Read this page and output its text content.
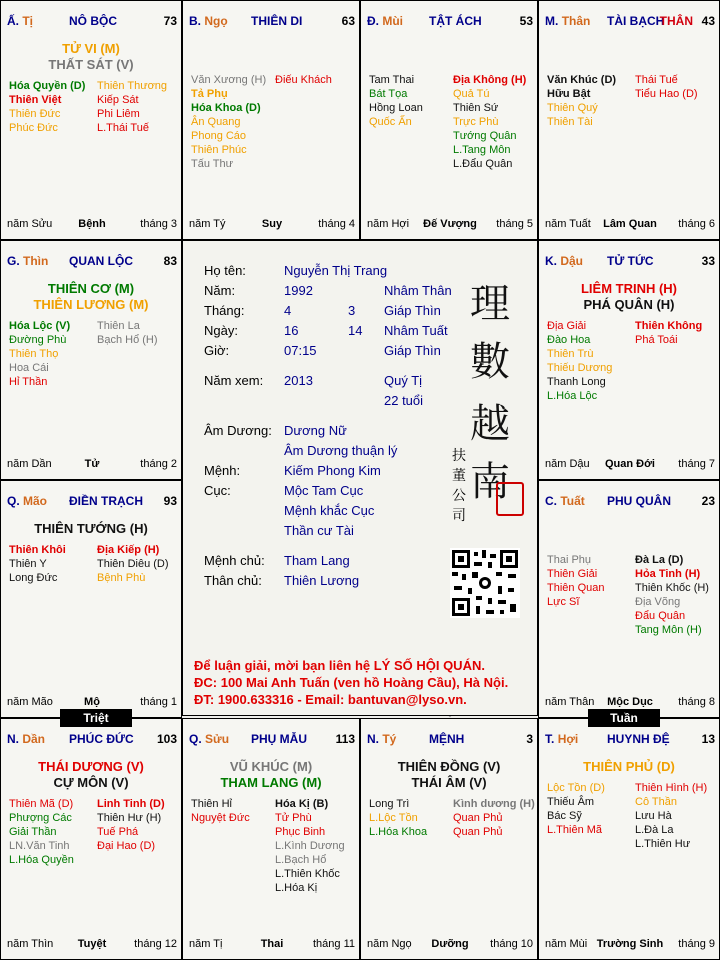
Ấ. Tị	NÔ BỘC	73
TỬ VI (M)
THẤT SÁT (V)
Hóa Quyền (D)
Thiên Việt
Thiên Đức
Phúc Đức
Thiên Thương
Kiếp Sát
Phi Liêm
L.Thái Tuế
năm Sửu	Bệnh	tháng 3
B. Ngọ THIÊN DI	63
Văn Xương (H)
Tả Phụ
Hóa Khoa (D)
Ân Quang
Phong Cáo
Thiên Phúc
Tấu Thư
Điếu Khách
năm Tý	Suy	tháng 4
Đ. Mùi TẬT ÁCH	53
Tam Thai
Bát Tọa
Hồng Loan
Quốc Ấn
Địa Không (H)
Quả Tú
Thiên Sứ
Trực Phù
Tướng Quân
L.Tang Môn
L.Đẩu Quân
năm Hợi	Đế Vượng	tháng 5
M. Thân TÀI BẠCH
THÂN 43
Văn Khúc (D)
Hữu Bật
Thiên Quý
Thiên Tài
Thái Tuế
Tiểu Hao (D)
năm Tuất	Lâm Quan	tháng 6
G. Thìn QUAN LỘC	83
THIÊN CƠ (M)
THIÊN LƯƠNG (M)
Hóa Lộc (V)
Đường Phù
Thiên Thọ
Hoa Cái
Hỉ Thần
Thiên La
Bạch Hổ (H)
năm Dần	Tử	tháng 2
K. Dậu TỬ TỨC	33
LIÊM TRINH (H)
PHÁ QUÂN (H)
Địa Giải
Đào Hoa
Thiên Trù
Thiếu Dương
Thanh Long
L.Hóa Lộc
Thiên Không
Phá Toái
năm Dậu	Quan Đới	tháng 7
Q. Mão ĐIỀN TRẠCH 93
THIÊN TƯỚNG (H)
Thiên Khôi
Thiên Y
Long Đức
Địa Kiếp (H)
Thiên Diêu (D)
Bệnh Phù
năm Mão	Mộ	tháng 1
C. Tuất PHU QUÂN	23
Thai Phụ
Thiên Giải
Thiên Quan
Lực Sĩ
Đà La (D)
Hỏa Tinh (H)
Thiên Khốc (H)
Địa Võng
Đẩu Quân
Tang Môn (H)
năm Thân	Mộc Dục	tháng 8
N. Dần PHÚC ĐỨC 103
THÁI DƯƠNG (V)
CỰ MÔN (V)
Thiên Mã (D)
Phượng Các
Giải Thần
LN.Văn Tinh
L.Hóa Quyền
Linh Tinh (D)
Thiên Hư (H)
Tuế Phá
Đại Hao (D)
năm Thìn	Tuyệt	tháng 12
Q. Sửu PHỤ MẪU 113
VŨ KHÚC (M)
THAM LANG (M)
Thiên Hỉ
Nguyệt Đức
Hóa Kị (B)
Tử Phù
Phục Binh
L.Kình Dương
L.Bạch Hổ
L.Thiên Khốc
L.Hóa Kị
năm Tị	Thai	tháng 11
N. Tý	MỆNH	3
THIÊN ĐỒNG (V)
THÁI ÂM (V)
Long Trì
L.Lộc Tồn
L.Hóa Khoa
Kình dương (H)
Quan Phủ
Quan Phủ
năm Ngọ	Dưỡng	tháng 10
T. Hợi HUYNH ĐỆ	13
THIÊN PHỦ (D)
Lộc Tồn (D)
Thiếu Âm
Bác Sỹ
L.Thiên Mã
Thiên Hình (H)
Cô Thần
Lưu Hà
L.Đà La
L.Thiên Hư
năm Mùi Trường Sinh	tháng 9
Họ tên:	Nguyễn Thị Trang
Năm:	1992	Nhâm Thân
Tháng:	4	3 Giáp Thìn
Ngày:	16	14 Nhâm Tuất
Giờ:	07:15	Giáp Thìn
Năm xem: 2013	Quý Tị
22 tuổi
Âm Dương: Dương Nữ
Âm Dương thuận lý
Mệnh:	Kiếm Phong Kim
Cục:	Mộc Tam Cục
Mệnh khắc Cục
Thần cư Tài
Mệnh chủ: Tham Lang
Thân chủ: Thiên Lương
理
數
越
南
扶
董
公
司
Để luận giải, mời bạn liên hệ LÝ SỐ HỘI QUÁN.
ĐC: 100 Mai Anh Tuấn (ven hồ Hoàng Cầu), Hà Nội.
ĐT: 1900.633316 - Email: bantuvan@lyso.vn.
Triệt	Tuần
